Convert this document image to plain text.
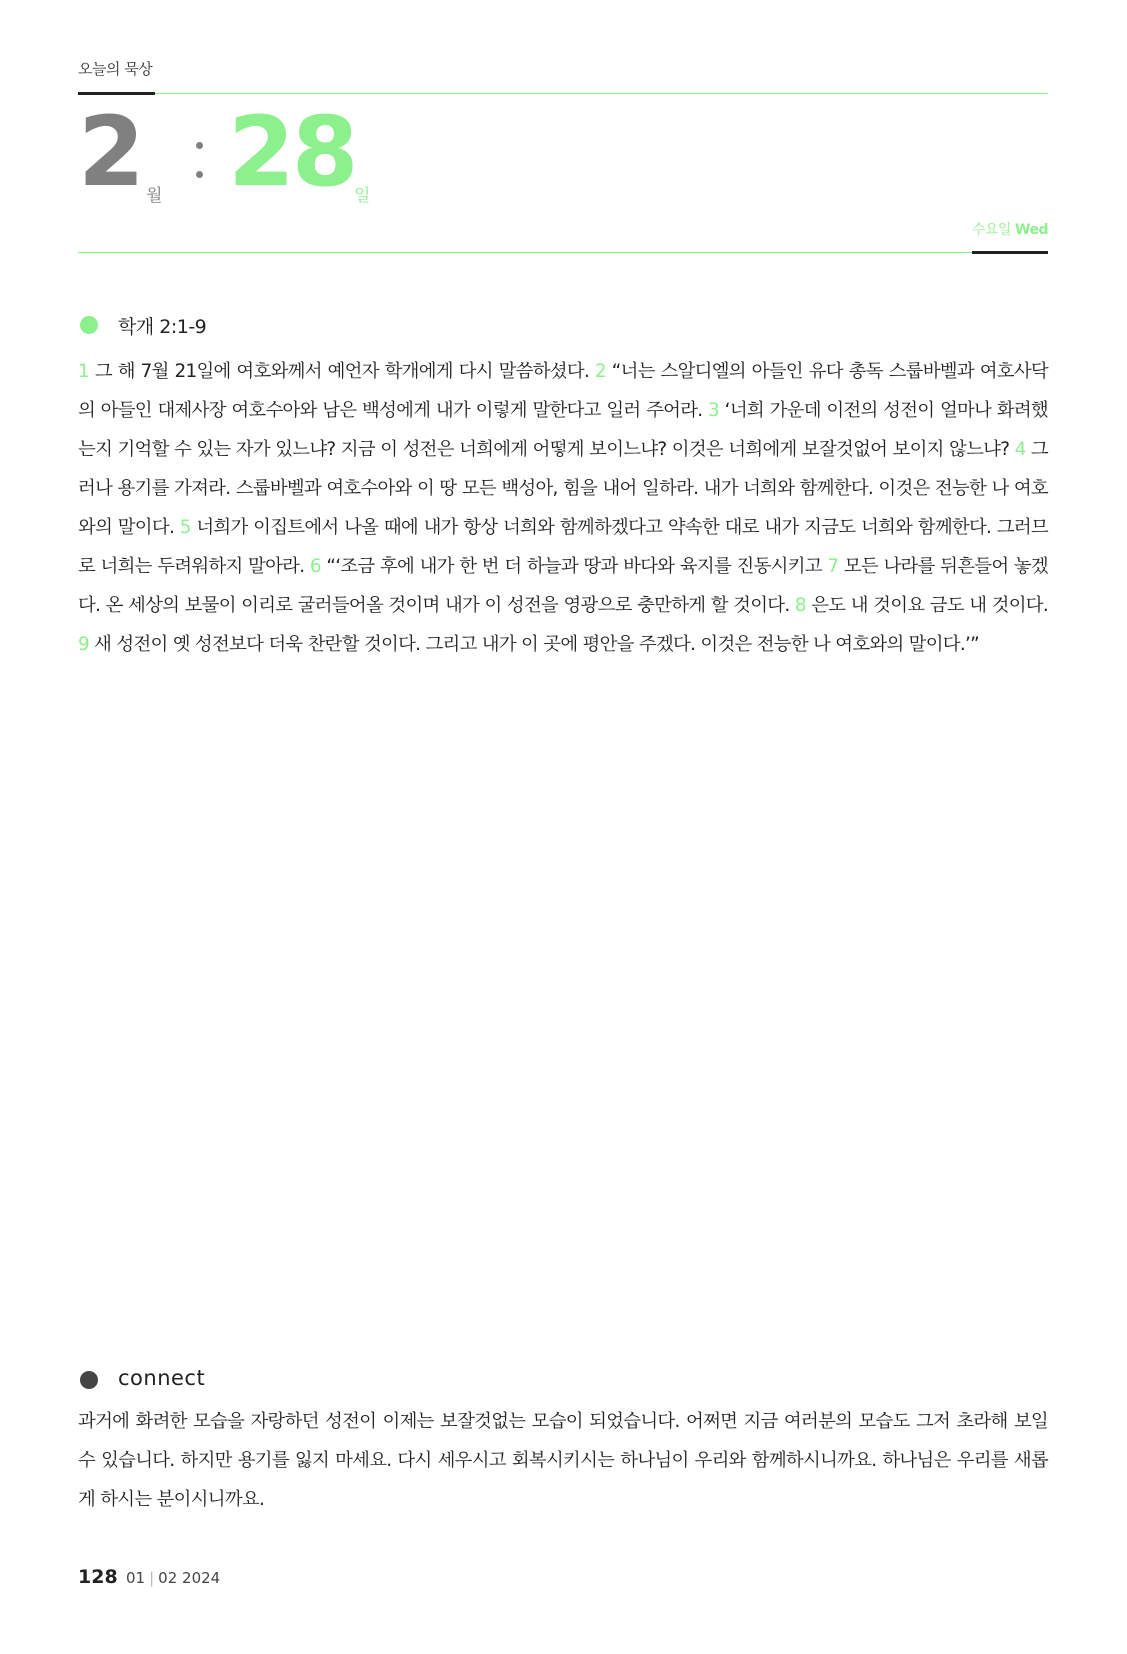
오늘의 묵상
2 월 28
일
수요일 Wed
학개 2:1-9
1 그 해 7월 21일에 여호와께서 예언자 학개에게 다시 말씀하셨다. 2 “너는 스알디엘의 아들인 유다 총독 스룹바벨과 여호사닥의 아들인 대제사장 여호수아와 남은 백성에게 내가 이렇게 말한다고 일러 주어라. 3 ‘너희 가운데 이전의 성전이 얼마나 화려했는지 기억할 수 있는 자가 있느냐? 지금 이 성전은 너희에게 어떻게 보이느냐? 이것은 너희에게 보잘것없어 보이지 않느냐? 4 그러나 용기를 가져라. 스룹바벨과 여호수아와 이 땅 모든 백성아, 힘을 내어 일하라. 내가 너희와 함께한다. 이것은 전능한 나 여호와의 말이다. 5 너희가 이집트에서 나올 때에 내가 항상 너희와 함께하겠다고 약속한 대로 내가 지금도 너희와 함께한다. 그러므로 너희는 두려워하지 말아라. 6 “‘조금 후에 내가 한 번 더 하늘과 땅과 바다와 육지를 진동시키고 7 모든 나라를 뒤흔들어 놓겠다. 온 세상의 보물이 이리로 굴러들어올 것이며 내가 이 성전을 영광으로 충만하게 할 것이다. 8 은도 내 것이요 금도 내 것이다. 9 새 성전이 옛 성전보다 더욱 찬란할 것이다. 그리고 내가 이 곳에 평안을 주겠다. 이것은 전능한 나 여호와의 말이다.’”
connect
과거에 화려한 모습을 자랑하던 성전이 이제는 보잘것없는 모습이 되었습니다. 어쩌면 지금 여러분의 모습도 그저 초라해 보일 수 있습니다. 하지만 용기를 잃지 마세요. 다시 세우시고 회복시키시는 하나님이 우리와 함께하시니까요. 하나님은 우리를 새롭게 하시는 분이시니까요.
128 01 | 02 2024
